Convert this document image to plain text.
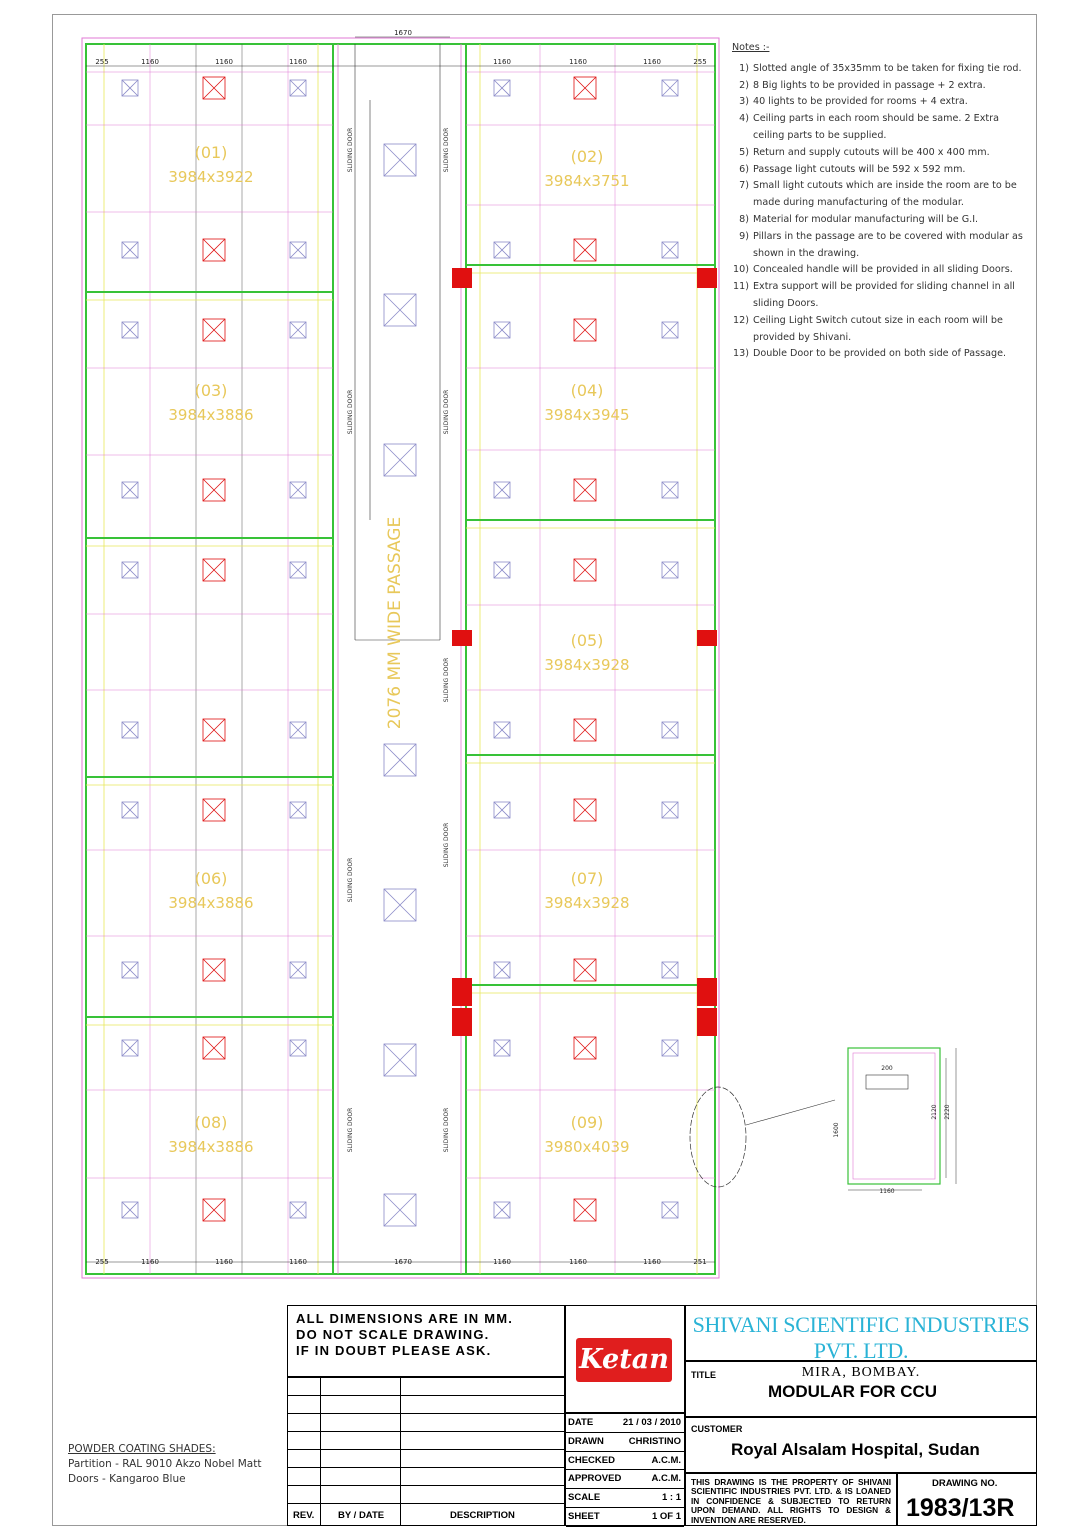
(01)
3984x3922
(02)
3984x3751
(03)
3984x3886
(04)
3984x3945
(05)
3984x3928
(06)
3984x3886
(07)
3984x3928
(08)
3984x3886
(09)
3980x4039
2076 MM WIDE PASSAGE
255	1160	1160	1160
1670
1160	1160	1160	255
255	1160	1160	1160	1670	1160	1160	1160	251
SLIDING DOOR	SLIDING DOOR
SLIDING DOOR	SLIDING DOOR
SLIDING DOOR
SLIDING DOOR
SLIDING DOOR
SLIDING DOOR	SLIDING DOOR
200
1160
2120 2220
1600
Notes :-
1) Slotted angle of 35x35mm to be taken for fixing tie rod.
2) 8 Big lights to be provided in passage + 2 extra.
3) 40 lights to be provided for rooms + 4 extra.
4) Ceiling parts in each room should be same. 2 Extra ceiling parts to be supplied.
5) Return and supply cutouts will be 400 x 400 mm.
6) Passage light cutouts will be 592 x 592 mm.
7) Small light cutouts which are inside the room are to be made during manufacturing of the modular.
8) Material for modular manufacturing will be G.I.
9) Pillars in the passage are to be covered with modular as shown in the drawing.
10) Concealed handle will be provided in all sliding Doors.
11) Extra support will be provided for sliding channel in all sliding Doors.
12) Ceiling Light Switch cutout size in each room will be provided by Shivani.
13) Double Door to be provided on both side of Passage.
POWDER COATING SHADES:
Partition - RAL 9010 Akzo Nobel Matt
Doors - Kangaroo Blue
ALL DIMENSIONS ARE IN MM.
DO NOT SCALE DRAWING.
IF IN DOUBT PLEASE ASK.	Ketan
SHIVANI SCIENTIFIC INDUSTRIES PVT. LTD.
MIRA, BOMBAY.
TITLE
MODULAR FOR CCU
REV. BY / DATE	DESCRIPTION
DATE	21 / 03 / 2010
DRAWN	CHRISTINO
CHECKED	A.C.M.
APPROVED	A.C.M.
SCALE	1 : 1
SHEET	1 OF 1
CUSTOMER
Royal Alsalam Hospital, Sudan
THIS DRAWING IS THE PROPERTY OF SHIVANI SCIENTIFIC INDUSTRIES PVT. LTD. & IS LOANED IN CONFIDENCE & SUBJECTED TO RETURN UPON DEMAND. ALL RIGHTS TO DESIGN & INVENTION ARE RESERVED.
DRAWING NO.
1983/13R
